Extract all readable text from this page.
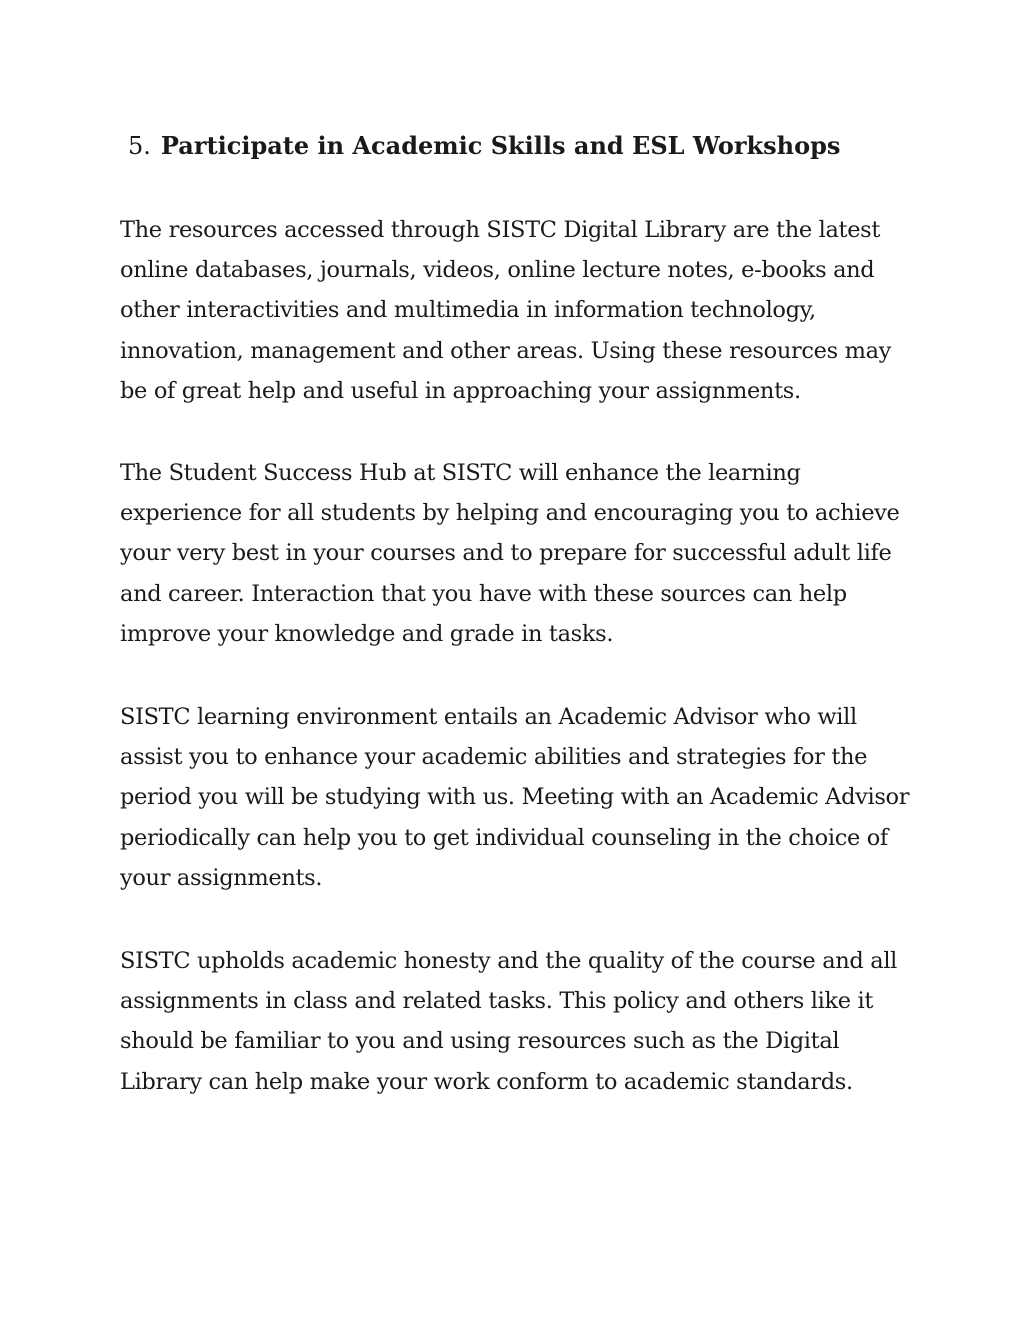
5. Participate in Academic Skills and ESL Workshops

The resources accessed through SISTC Digital Library are the latest
online databases, journals, videos, online lecture notes, e-books and
other interactivities and multimedia in information technology,
innovation, management and other areas. Using these resources may
be of great help and useful in approaching your assignments.

The Student Success Hub at SISTC will enhance the learning
experience for all students by helping and encouraging you to achieve
your very best in your courses and to prepare for successful adult life
and career. Interaction that you have with these sources can help
improve your knowledge and grade in tasks.

SISTC learning environment entails an Academic Advisor who will
assist you to enhance your academic abilities and strategies for the
period you will be studying with us. Meeting with an Academic Advisor
periodically can help you to get individual counseling in the choice of
your assignments.

SISTC upholds academic honesty and the quality of the course and all
assignments in class and related tasks. This policy and others like it
should be familiar to you and using resources such as the Digital
Library can help make your work conform to academic standards.
